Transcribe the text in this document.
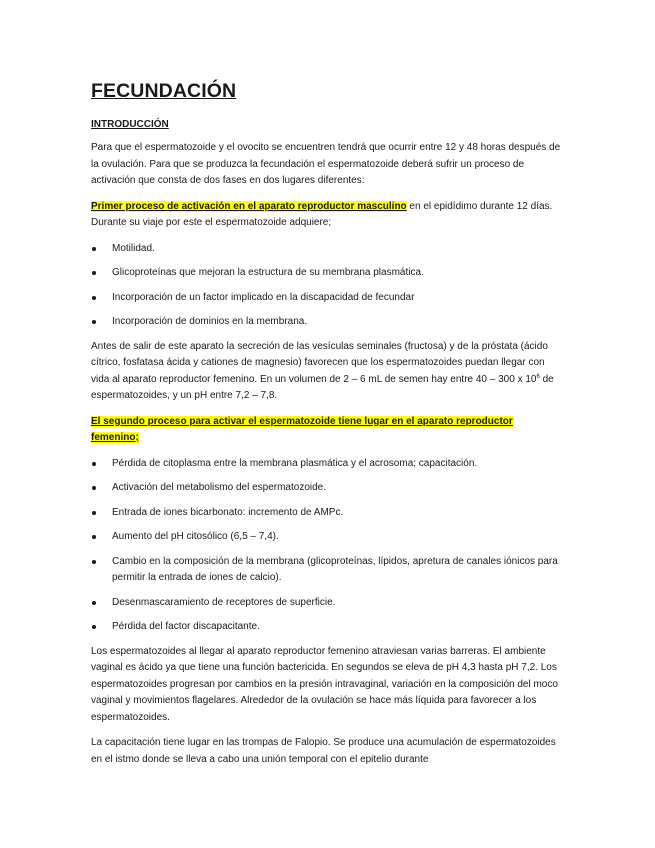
FECUNDACIÓN
INTRODUCCIÓN

Para que el espermatozoide y el ovocito se encuentren tendrá que ocurrir entre 12 y 48 horas después de la ovulación. Para que se produzca la fecundación el espermatozoide deberá sufrir un proceso de activación que consta de dos fases en dos lugares diferentes:

Primer proceso de activación en el aparato reproductor masculino en el epidídimo durante 12 días. Durante su viaje por este el espermatozoide adquiere;

Motilidad.
Glicoproteínas que mejoran la estructura de su membrana plasmática.
Incorporación de un factor implicado en la discapacidad de fecundar
Incorporación de dominios en la membrana.

Antes de salir de este aparato la secreción de las vesículas seminales (fructosa) y de la próstata (ácido cítrico, fosfatasa ácida y cationes de magnesio) favorecen que los espermatozoides puedan llegar con vida al aparato reproductor femenino. En un volumen de 2 – 6 mL de semen hay entre 40 – 300 x $10^6$ de espermatozoides, y un pH entre 7,2 – 7,8.

El segundo proceso para activar el espermatozoide tiene lugar en el aparato reproductor femenino;

Pérdida de citoplasma entre la membrana plasmática y el acrosoma; capacitación.
Activación del metabolismo del espermatozoide.
Entrada de iones bicarbonato: incremento de AMPc.
Aumento del pH citosólico (6,5 – 7,4).
Cambio en la composición de la membrana (glicoproteínas, lípidos, apretura de canales iónicos para permitir la entrada de iones de calcio).
Desenmascaramiento de receptores de superficie.
Pérdida del factor discapacitante.

Los espermatozoides al llegar al aparato reproductor femenino atraviesan varias barreras. El ambiente vaginal es ácido ya que tiene una función bactericida. En segundos se eleva de pH 4,3 hasta pH 7,2. Los espermatozoides progresan por cambios en la presión intravaginal, variación en la composición del moco vaginal y movimientos flagelares. Alrededor de la ovulación se hace más líquida para favorecer a los espermatozoides.

La capacitación tiene lugar en las trompas de Falopio. Se produce una acumulación de espermatozoides en el istmo donde se lleva a cabo una unión temporal con el epitelio durante
